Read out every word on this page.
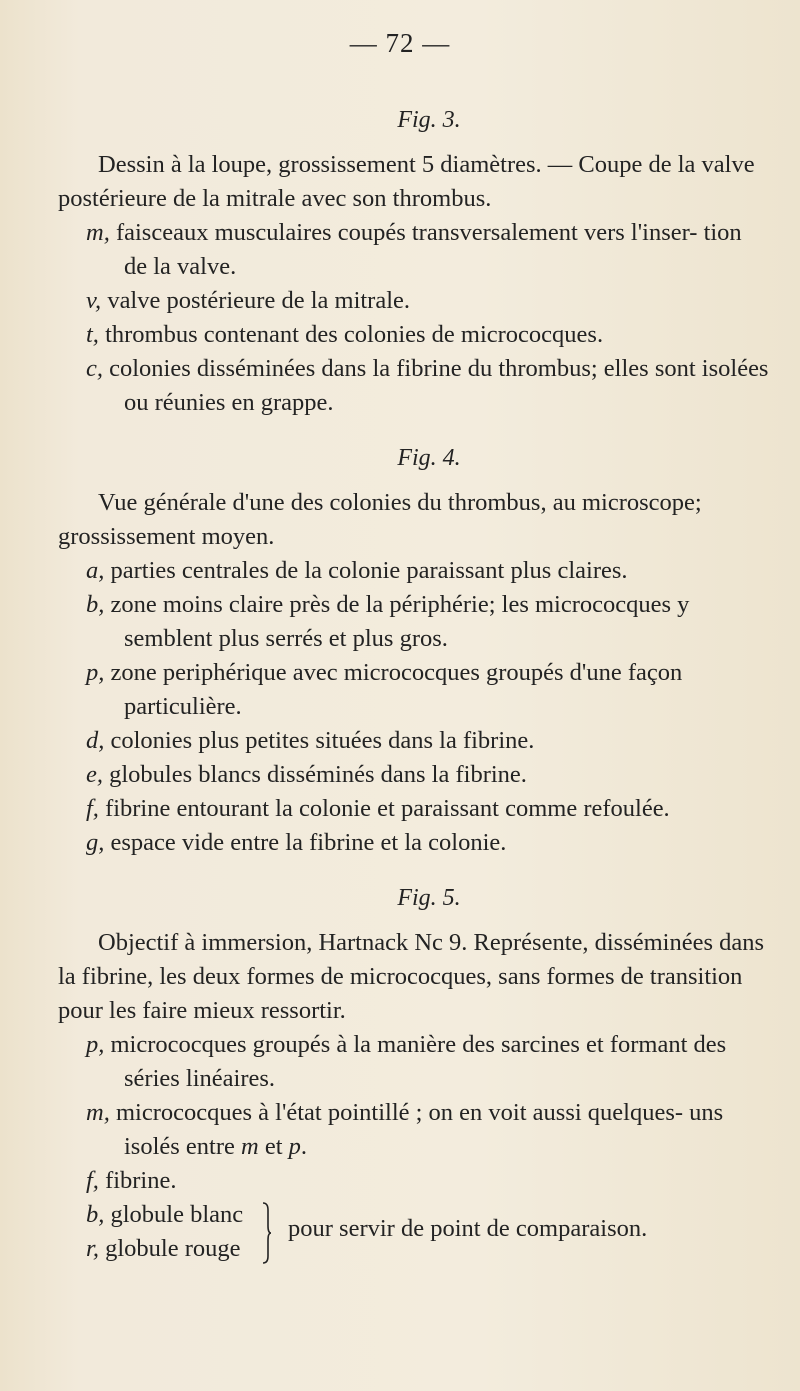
— 72 —
Fig. 3.

Dessin à la loupe, grossissement 5 diamètres. — Coupe de la valve postérieure de la mitrale avec son thrombus.

m, faisceaux musculaires coupés transversalement vers l'inser- tion de la valve.

v, valve postérieure de la mitrale.

t, thrombus contenant des colonies de micrococques.

c, colonies disséminées dans la fibrine du thrombus; elles sont isolées ou réunies en grappe.

Fig. 4.

Vue générale d'une des colonies du thrombus, au microscope; grossissement moyen.

a, parties centrales de la colonie paraissant plus claires.

b, zone moins claire près de la périphérie; les micrococques y semblent plus serrés et plus gros.

p, zone periphérique avec micrococques groupés d'une façon particulière.

d, colonies plus petites situées dans la fibrine.

e, globules blancs disséminés dans la fibrine.

f, fibrine entourant la colonie et paraissant comme refoulée.

g, espace vide entre la fibrine et la colonie.

Fig. 5.

Objectif à immersion, Hartnack Nc 9. Représente, disséminées dans la fibrine, les deux formes de micrococques, sans formes de transition pour les faire mieux ressortir.

p, micrococques groupés à la manière des sarcines et formant des séries linéaires.

m, micrococques à l'état pointillé ; on en voit aussi quelques- uns isolés entre m et p.

f, fibrine.

b, globule blanc
r, globule rouge
pour servir de point de comparaison.
